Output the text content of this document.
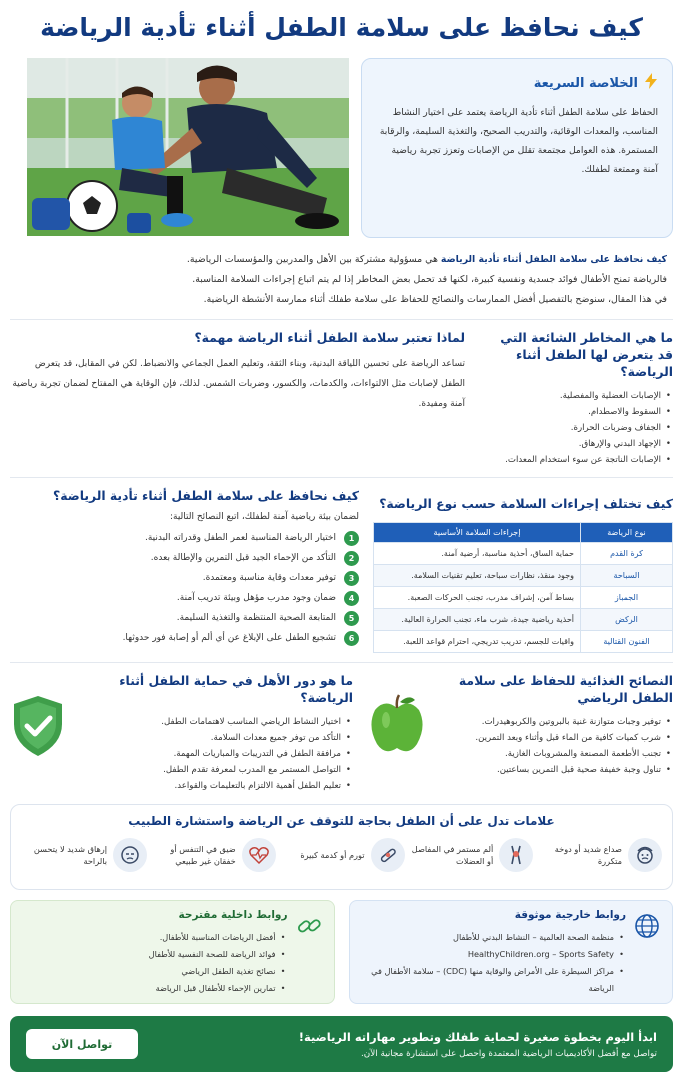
كيف نحافظ على سلامة الطفل أثناء تأدية الرياضة
الخلاصة السريعة

الحفاظ على سلامة الطفل أثناء تأدية الرياضة يعتمد على اختيار النشاط المناسب، والمعدات الوقائية، والتدريب الصحيح، والتغذية السليمة، والرقابة المستمرة. هذه العوامل مجتمعة تقلل من الإصابات وتعزز تجربة رياضية آمنة وممتعة لطفلك.

كيف نحافظ على سلامة الطفل أثناء تأدية الرياضة هي مسؤولية مشتركة بين الأهل والمدربين والمؤسسات الرياضية.
فالرياضة تمنح الأطفال فوائد جسدية ونفسية كبيرة، لكنها قد تحمل بعض المخاطر إذا لم يتم اتباع إجراءات السلامة المناسبة.
في هذا المقال، سنوضح بالتفصيل أفضل الممارسات والنصائح للحفاظ على سلامة طفلك أثناء ممارسة الأنشطة الرياضية.
ما هي المخاطر الشائعة التي قد يتعرض لها الطفل أثناء الرياضة؟
• الإصابات العضلية والمفصلية.
• السقوط والاصطدام.
• الجفاف وضربات الحرارة.
• الإجهاد البدني والإرهاق.
• الإصابات الناتجة عن سوء استخدام المعدات.
لماذا تعتبر سلامة الطفل أثناء الرياضة مهمة؟

تساعد الرياضة على تحسين اللياقة البدنية، وبناء الثقة، وتعليم العمل الجماعي والانضباط. لكن في المقابل، قد يتعرض الطفل لإصابات مثل الالتواءات، والكدمات، والكسور، وضربات الشمس. لذلك، فإن الوقاية هي المفتاح لضمان تجربة رياضية آمنة ومفيدة.

كيف تختلف إجراءات السلامة حسب نوع الرياضة؟
نوع الرياضة	إجراءات السلامة الأساسية
كرة القدم	حماية الساق، أحذية مناسبة، أرضية آمنة.
السباحة	وجود منقذ، نظارات سباحة، تعليم تقنيات السلامة.
الجمباز	بساط آمن، إشراف مدرب، تجنب الحركات الصعبة.
الركض	أحذية رياضية جيدة، شرب ماء، تجنب الحرارة العالية.
الفنون القتالية	واقيات للجسم، تدريب تدريجي، احترام قواعد اللعبة.
كيف نحافظ على سلامة الطفل أثناء تأدية الرياضة؟
لضمان بيئة رياضية آمنة لطفلك، اتبع النصائح التالية:
1
اختيار الرياضة المناسبة لعمر الطفل وقدراته البدنية.
2
التأكد من الإحماء الجيد قبل التمرين والإطالة بعده.
3
توفير معدات وقاية مناسبة ومعتمدة.
4
ضمان وجود مدرب مؤهل وبيئة تدريب آمنة.
5
المتابعة الصحية المنتظمة والتغذية السليمة.
6
تشجيع الطفل على الإبلاغ عن أي ألم أو إصابة فور حدوثها.
النصائح الغذائية للحفاظ على سلامة الطفل الرياضي
• توفير وجبات متوازنة غنية بالبروتين والكربوهيدرات.
• شرب كميات كافية من الماء قبل وأثناء وبعد التمرين.
• تجنب الأطعمة المصنعة والمشروبات الغازية.
• تناول وجبة خفيفة صحية قبل التمرين بساعتين.
ما هو دور الأهل في حماية الطفل أثناء الرياضة؟
• اختيار النشاط الرياضي المناسب لاهتمامات الطفل.
• التأكد من توفر جميع معدات السلامة.
• مرافقة الطفل في التدريبات والمباريات المهمة.
• التواصل المستمر مع المدرب لمعرفة تقدم الطفل.
• تعليم الطفل أهمية الالتزام بالتعليمات والقواعد.
علامات تدل على أن الطفل بحاجة للتوقف عن الرياضة واستشارة الطبيب
صداع شديد أو دوخة متكررة
ألم مستمر في المفاصل أو العضلات
تورم أو كدمة كبيرة
ضيق في التنفس أو خفقان غير طبيعي
إرهاق شديد لا يتحسن بالراحة
روابط خارجية موثوقة
• منظمة الصحة العالمية – النشاط البدني للأطفال
• HealthyChildren.org – Sports Safety
• مراكز السيطرة على الأمراض والوقاية منها (CDC) – سلامة الأطفال في الرياضة
روابط داخلية مقترحة
• أفضل الرياضات المناسبة للأطفال.
• فوائد الرياضة للصحة النفسية للأطفال
• نصائح تغذية الطفل الرياضي
• تمارين الإحماء للأطفال قبل الرياضة
ابدأ اليوم بخطوة صغيرة لحماية طفلك وتطوير مهاراته الرياضية!

تواصل مع أفضل الأكاديميات الرياضية المعتمدة واحصل على استشارة مجانية الآن.

تواصل الآن
